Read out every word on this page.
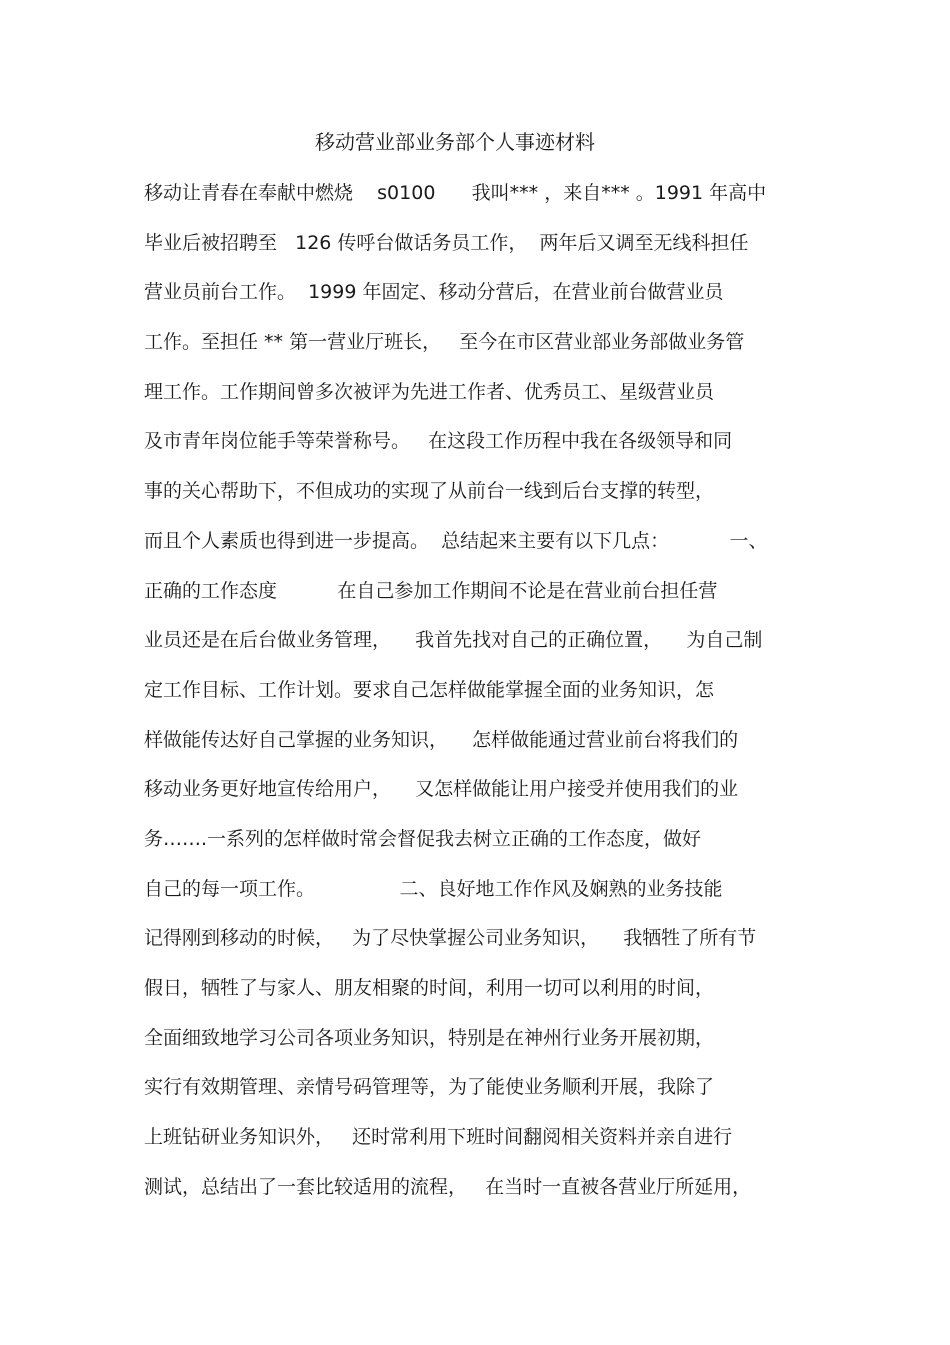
移动营业部业务部个人事迹材料
移动让青春在奉献中燃烧    s0100      我叫*** ，来自*** 。1991 年高中
毕业后被招聘至   126 传呼台做话务员工作，  两年后又调至无线科担任
营业员前台工作。  1999 年固定、移动分营后，在营业前台做营业员
工作。至担任 ** 第一营业厅班长，   至今在市区营业部业务部做业务管
理工作。工作期间曾多次被评为先进工作者、优秀员工、星级营业员
及市青年岗位能手等荣誉称号。   在这段工作历程中我在各级领导和同
事的关心帮助下，不但成功的实现了从前台一线到后台支撑的转型，
而且个人素质也得到进一步提高。  总结起来主要有以下几点：          一、
正确的工作态度          在自己参加工作期间不论是在营业前台担任营
业员还是在后台做业务管理，    我首先找对自己的正确位置，    为自己制
定工作目标、工作计划。要求自己怎样做能掌握全面的业务知识，怎
样做能传达好自己掌握的业务知识，    怎样做能通过营业前台将我们的
移动业务更好地宣传给用户，    又怎样做能让用户接受并使用我们的业
务…….一系列的怎样做时常会督促我去树立正确的工作态度，做好
自己的每一项工作。              二、良好地工作作风及娴熟的业务技能
记得刚到移动的时候，   为了尽快掌握公司业务知识，    我牺牲了所有节
假日，牺牲了与家人、朋友相聚的时间，利用一切可以利用的时间，
全面细致地学习公司各项业务知识，特别是在神州行业务开展初期，
实行有效期管理、亲情号码管理等，为了能使业务顺利开展，我除了
上班钻研业务知识外，   还时常利用下班时间翻阅相关资料并亲自进行
测试，总结出了一套比较适用的流程，   在当时一直被各营业厅所延用，
